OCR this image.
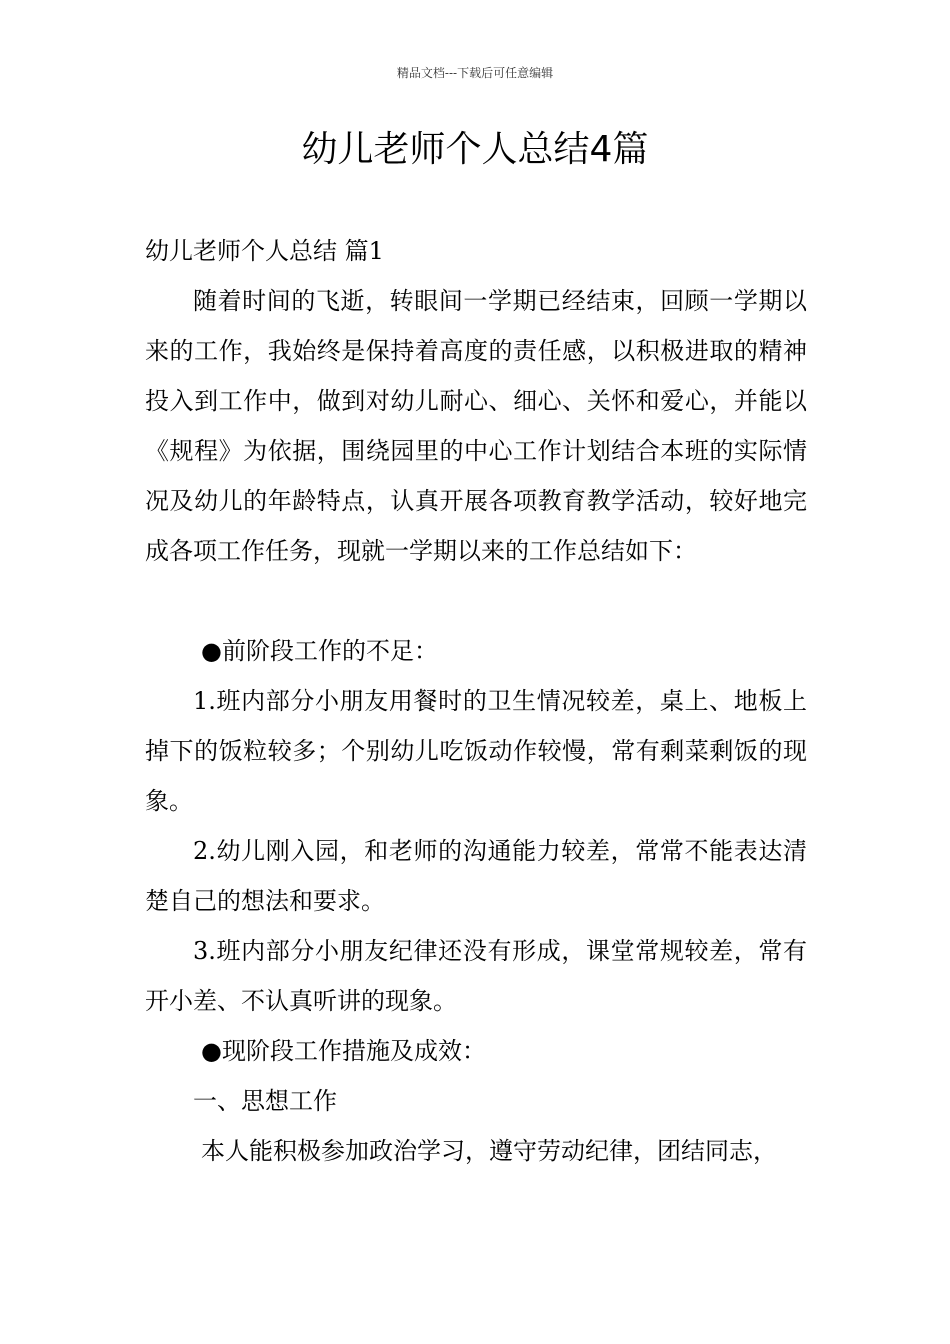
精品文档---下载后可任意编辑
幼儿老师个人总结4篇

幼儿老师个人总结 篇1

随着时间的飞逝，转眼间一学期已经结束，回顾一学期以来的工作，我始终是保持着高度的责任感，以积极进取的精神投入到工作中，做到对幼儿耐心、细心、关怀和爱心，并能以《规程》为依据，围绕园里的中心工作计划结合本班的实际情况及幼儿的年龄特点，认真开展各项教育教学活动，较好地完成各项工作任务，现就一学期以来的工作总结如下：

●前阶段工作的不足：

1.班内部分小朋友用餐时的卫生情况较差，桌上、地板上掉下的饭粒较多；个别幼儿吃饭动作较慢，常有剩菜剩饭的现象。

2.幼儿刚入园，和老师的沟通能力较差，常常不能表达清楚自己的想法和要求。

3.班内部分小朋友纪律还没有形成，课堂常规较差，常有开小差、不认真听讲的现象。

●现阶段工作措施及成效：

一、思想工作

本人能积极参加政治学习，遵守劳动纪律，团结同志，
